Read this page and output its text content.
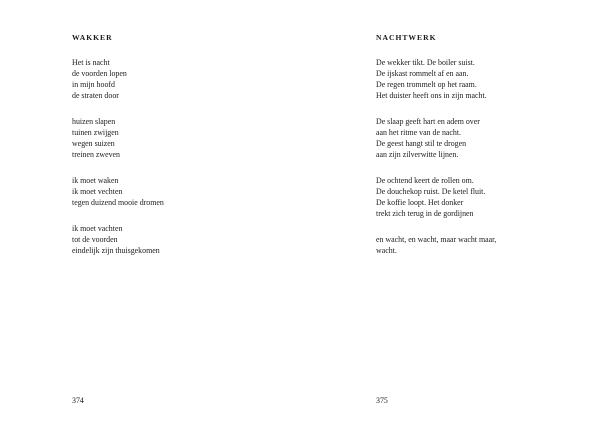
WAKKER
Het is nacht
de voorden lopen
in mijn hoofd
de straten door
huizen slapen
tuinen zwijgen
wegen suizen
treinen zweven
ik moet waken
ik moet vechten
tegen duizend mooie dromen
ik moet vachten
tot de voorden
eindelijk zijn thuisgekomen
374
NACHTWERK
De wekker tikt. De boiler suist.
De ijskast rommelt af en aan.
De regen trommelt op het raam.
Het duister heeft ons in zijn macht.
De slaap geeft hart en adem over
aan het ritme van de nacht.
De geest hangt stil te drogen
aan zijn zilverwitte lijnen.
De ochtend keert de rollen om.
De douchekop ruist. De ketel fluit.
De koffie loopt. Het donker
trekt zich terug in de gordijnen
en wacht, en wacht, maar wacht maar,
wacht.
375
